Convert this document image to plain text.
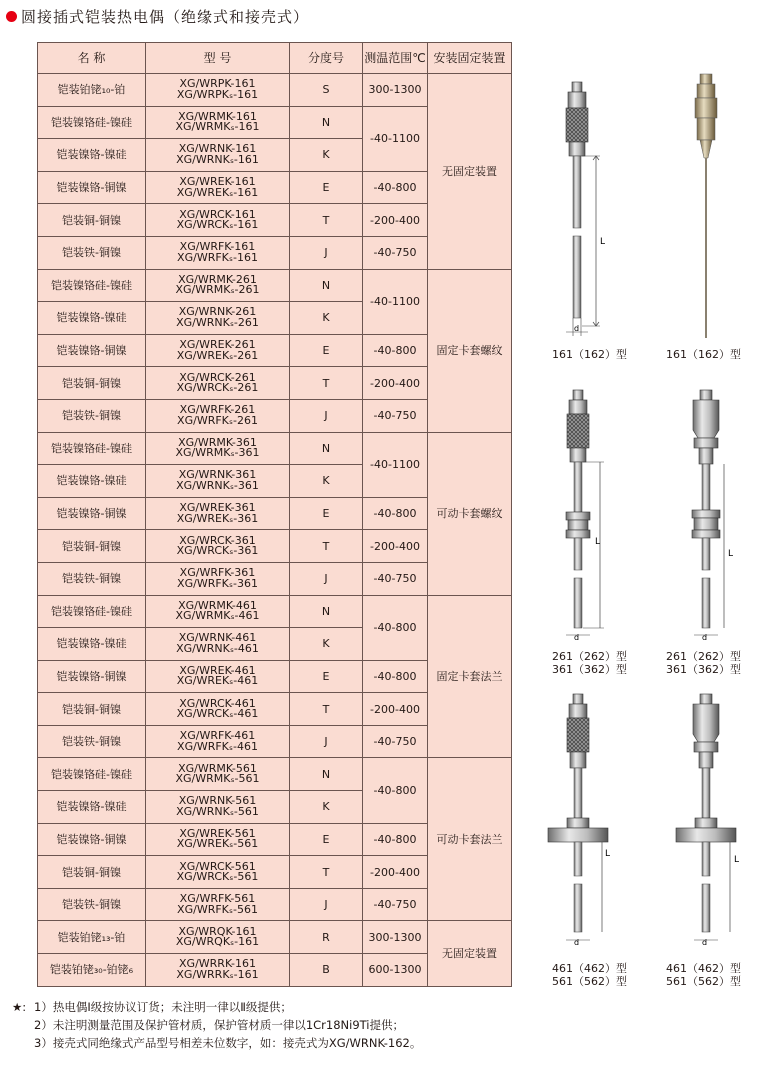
圆接插式铠装热电偶（绝缘式和接壳式）
名 称	型 号	分度号	测温范围℃	安装固定装置
铠装铂铑₁₀-铂	XG/WRPK-161
XG/WRPKₛ-161	S	300-1300	无固定装置
铠装镍铬硅-镍硅	XG/WRMK-161
XG/WRMKₛ-161	N	-40-1100	
铠装镍铬-镍硅	XG/WRNK-161
XG/WRNKₛ-161	K		
铠装镍铬-铜镍	XG/WREK-161
XG/WREKₛ-161	E	-40-800	
铠装铜-铜镍	XG/WRCK-161
XG/WRCKₛ-161	T	-200-400	
铠装铁-铜镍	XG/WRFK-161
XG/WRFKₛ-161	J	-40-750	
铠装镍铬硅-镍硅	XG/WRMK-261
XG/WRMKₛ-261	N	-40-1100	固定卡套螺纹
铠装镍铬-镍硅	XG/WRNK-261
XG/WRNKₛ-261	K		
铠装镍铬-铜镍	XG/WREK-261
XG/WREKₛ-261	E	-40-800	
铠装铜-铜镍	XG/WRCK-261
XG/WRCKₛ-261	T	-200-400	
铠装铁-铜镍	XG/WRFK-261
XG/WRFKₛ-261	J	-40-750	
铠装镍铬硅-镍硅	XG/WRMK-361
XG/WRMKₛ-361	N	-40-1100	可动卡套螺纹
铠装镍铬-镍硅	XG/WRNK-361
XG/WRNKₛ-361	K		
铠装镍铬-铜镍	XG/WREK-361
XG/WREKₛ-361	E	-40-800	
铠装铜-铜镍	XG/WRCK-361
XG/WRCKₛ-361	T	-200-400	
铠装铁-铜镍	XG/WRFK-361
XG/WRFKₛ-361	J	-40-750	
铠装镍铬硅-镍硅	XG/WRMK-461
XG/WRMKₛ-461	N	-40-800	固定卡套法兰
铠装镍铬-镍硅	XG/WRNK-461
XG/WRNKₛ-461	K		
铠装镍铬-铜镍	XG/WREK-461
XG/WREKₛ-461	E	-40-800	
铠装铜-铜镍	XG/WRCK-461
XG/WRCKₛ-461	T	-200-400	
铠装铁-铜镍	XG/WRFK-461
XG/WRFKₛ-461	J	-40-750	
铠装镍铬硅-镍硅	XG/WRMK-561
XG/WRMKₛ-561	N	-40-800	可动卡套法兰
铠装镍铬-镍硅	XG/WRNK-561
XG/WRNKₛ-561	K		
铠装镍铬-铜镍	XG/WREK-561
XG/WREKₛ-561	E	-40-800	
铠装铜-铜镍	XG/WRCK-561
XG/WRCKₛ-561	T	-200-400	
铠装铁-铜镍	XG/WRFK-561
XG/WRFKₛ-561	J	-40-750	
铠装铂铑₁₃-铂	XG/WRQK-161
XG/WRQKₛ-161	R	300-1300	无固定装置
铠装铂铑₃₀-铂铑₆	XG/WRRK-161
XG/WRRKₛ-161	B	600-1300	
L
d
L
d
L
d
L
d
L
d
161（162）型	161（162）型
261（262）型
361（362）型
261（262）型
361（362）型
461（462）型
561（562）型
461（462）型
561（562）型
★: 1）热电偶Ⅰ级按协议订货；未注明一律以Ⅱ级提供；
2）未注明测量范围及保护管材质，保护管材质一律以1Cr18Ni9Ti提供；
3）接壳式同绝缘式产品型号相差未位数字，如：接壳式为XG/WRNK-162。
